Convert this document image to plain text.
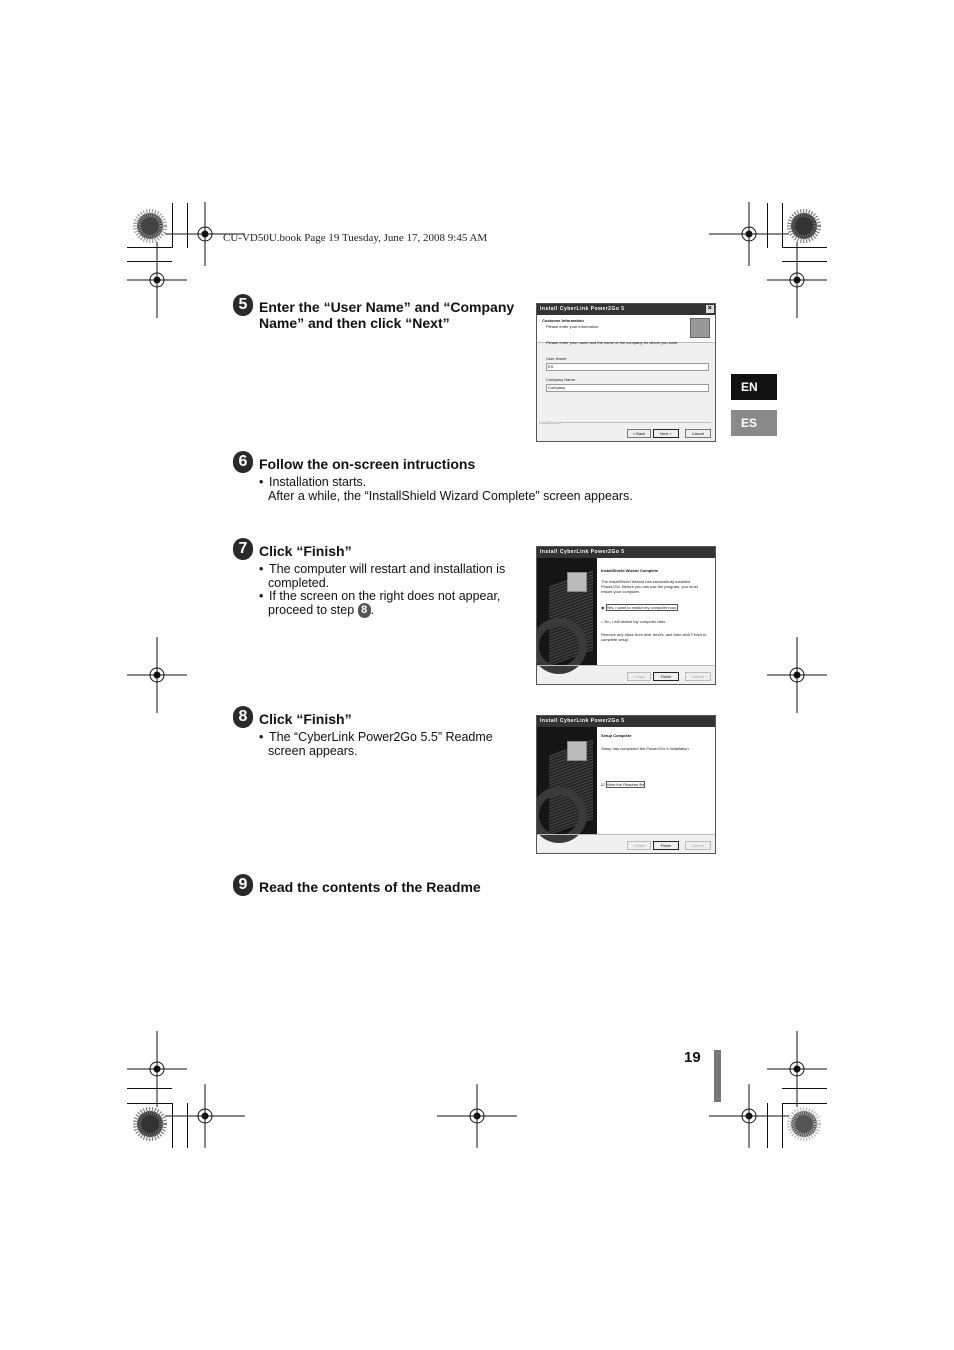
CU-VD50U.book Page 19 Tuesday, June 17, 2008 9:45 AM
EN
ES
5 Enter the “User Name” and “Company
Name” and then click “Next”
Install CyberLink Power2Go 5	×
Customer Information
Please enter your information.
Please enter your name and the name of the company for whom you work.
User Name:
ES
Company Name:
Company
InstallShield
< Back	Next >	Cancel
6 Follow the on-screen intructions
• Installation starts.
After a while, the “InstallShield Wizard Complete” screen appears.
7 Click “Finish”
• The computer will restart and installation is
completed.
• If the screen on the right does not appear,
proceed to step 8 .
Install CyberLink Power2Go 5
InstallShield Wizard Complete
The InstallShield Wizard has successfully installed Power2Go. Before you can use the program, you must restart your computer.
◉ Yes, I want to restart my computer now.
○ No, I will restart my computer later.
Remove any disks from their drives, and then click Finish to complete setup.
< Back	Finish	Cancel
8 Click “Finish”
• The “CyberLink Power2Go 5.5” Readme
screen appears.
Install CyberLink Power2Go 5
Setup Complete
Setup has completed the Power2Go 5 installation.
☑ View the Readme file
< Back	Finish	Cancel
9 Read the contents of the Readme
19
